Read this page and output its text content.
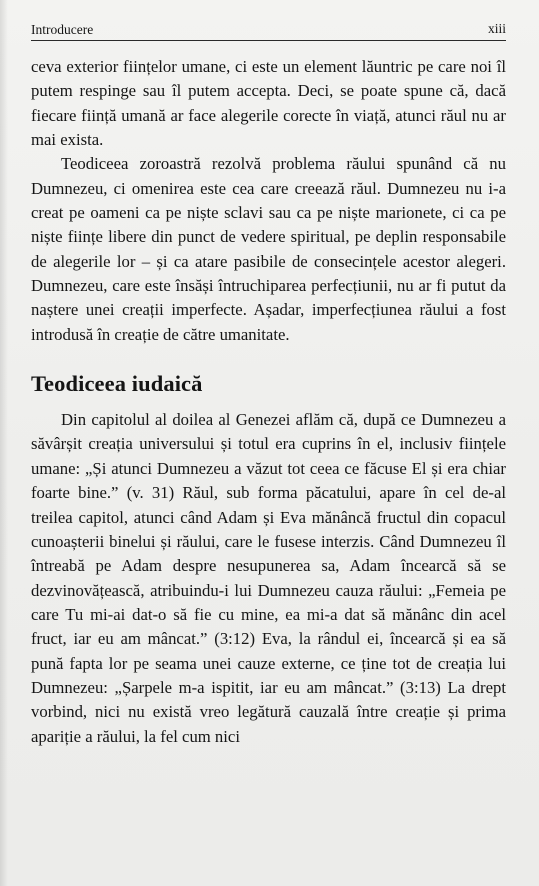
Introducere	xiii

ceva exterior ființelor umane, ci este un element lăuntric pe care noi îl putem respinge sau îl putem accepta. Deci, se poate spune că, dacă fiecare ființă umană ar face alegerile corecte în viață, atunci răul nu ar mai exista.

Teodiceea zoroastră rezolvă problema răului spunând că nu Dumnezeu, ci omenirea este cea care creează răul. Dumnezeu nu i-a creat pe oameni ca pe niște sclavi sau ca pe niște marionete, ci ca pe niște ființe libere din punct de vedere spiritual, pe deplin responsabile de alegerile lor – și ca atare pasibile de consecințele acestor alegeri. Dumnezeu, care este însăși întruchiparea perfecțiunii, nu ar fi putut da naștere unei creații imperfecte. Așadar, imperfecțiunea răului a fost introdusă în creație de către umanitate.

Teodiceea iudaică

Din capitolul al doilea al Genezei aflăm că, după ce Dumnezeu a săvârșit creația universului și totul era cuprins în el, inclusiv ființele umane: „Și atunci Dumnezeu a văzut tot ceea ce făcuse El și era chiar foarte bine.” (v. 31) Răul, sub forma păcatului, apare în cel de-al treilea capitol, atunci când Adam și Eva mănâncă fructul din copacul cunoașterii binelui și răului, care le fusese interzis. Când Dumnezeu îl întreabă pe Adam despre nesupunerea sa, Adam încearcă să se dezvinovățească, atribuindu-i lui Dumnezeu cauza răului: „Femeia pe care Tu mi-ai dat-o să fie cu mine, ea mi-a dat să mănânc din acel fruct, iar eu am mâncat.” (3:12) Eva, la rândul ei, încearcă și ea să pună fapta lor pe seama unei cauze externe, ce ține tot de creația lui Dumnezeu: „Șarpele m-a ispitit, iar eu am mâncat.” (3:13) La drept vorbind, nici nu există vreo legătură cauzală între creație și prima apariție a răului, la fel cum nici
